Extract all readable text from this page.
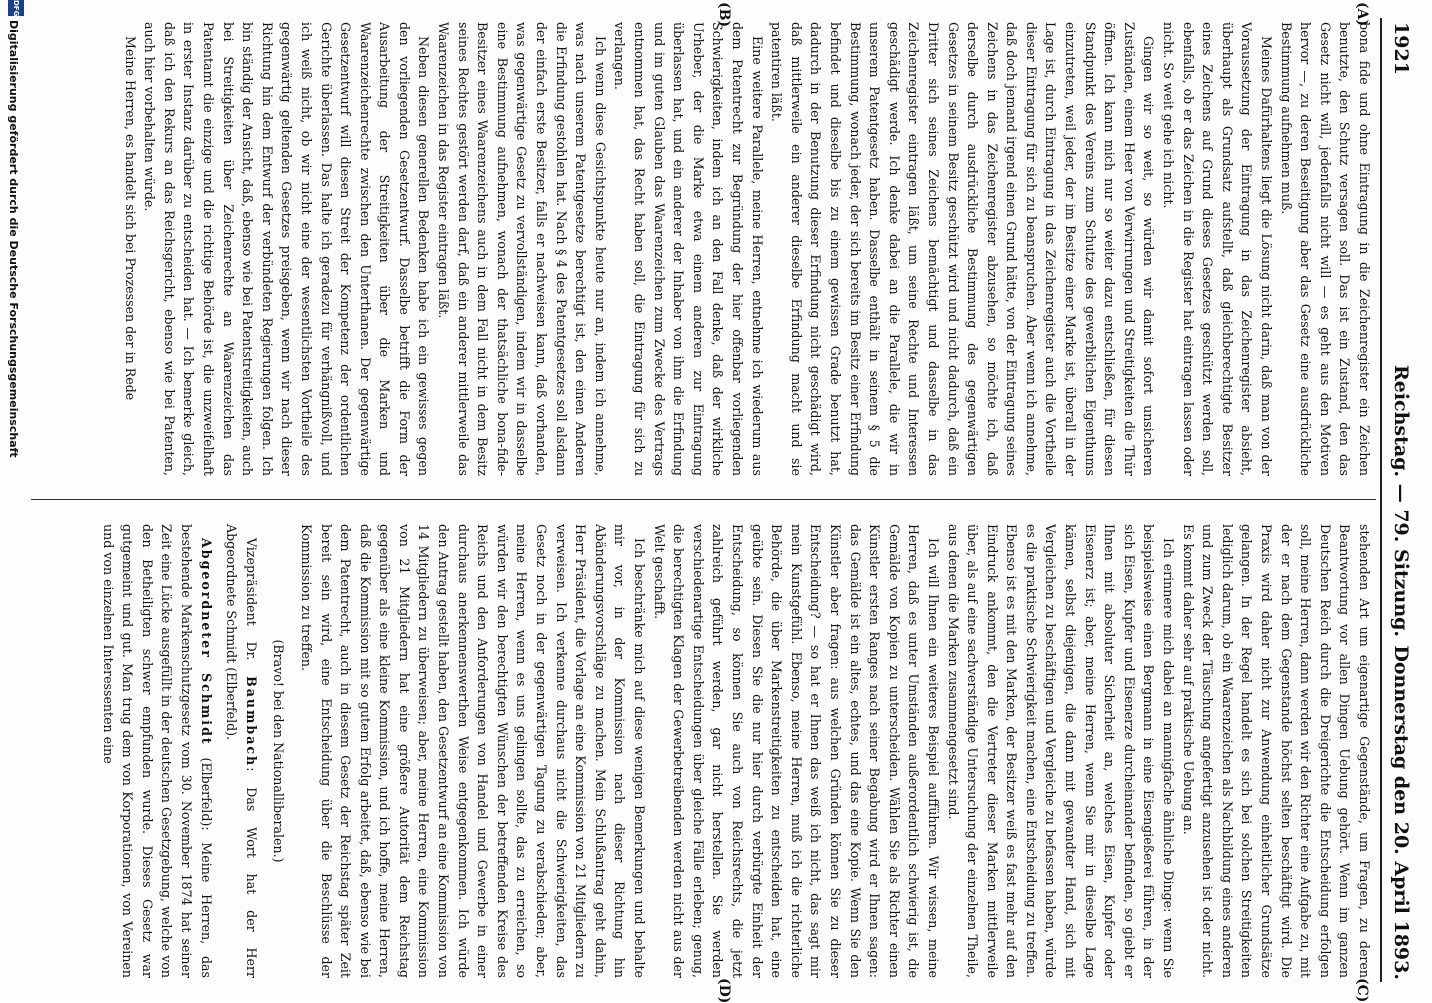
1921
Reichstag. — 79. Sitzung.
Donnerstag den 20. April 1893.
(A)
(B)
(C)
(D)

bona fide und ohne Eintragung in die Zeichenregister ein Zeichen benutzte, den Schutz versagen soll. Das ist ein Zustand, den das Gesetz nicht will, jedenfalls nicht will — es geht aus den Motiven hervor —, zu deren Beseitigung aber das Gesetz eine ausdrückliche Bestimmung aufnehmen muß.

Meines Dafürhaltens liegt die Lösung nicht darin, daß man von der Voraussetzung der Eintragung in das Zeichenregister absieht, überhaupt als Grundsatz aufstellt, daß gleichberechtigte Besitzer eines Zeichens auf Grund dieses Gesetzes geschützt werden soll, ebenfalls, ob er das Zeichen in die Register hat eintragen lassen oder nicht. So weit gehe ich nicht.

Gingen wir so weit, so würden wir damit sofort unsicheren Zuständen, einem Heer von Verwirrungen und Streitigkeiten die Thür öffnen. Ich kann mich nur so weiter dazu entschließen, für diesen Standpunkt des Vereins zum Schutze des gewerblichen Eigenthums einzutreten, weil jeder, der im Besitze einer Marke ist, überall in der Lage ist, durch Eintragung in das Zeichenregister auch die Vortheile dieser Eintragung für sich zu beanspruchen. Aber wenn ich annehme, daß doch jemand irgend einen Grund hätte, von der Eintragung seines Zeichens in das Zeichenregister abzusehen, so möchte ich, daß derselbe durch ausdrückliche Bestimmung des gegenwärtigen Gesetzes in seinem Besitz geschützt wird und nicht dadurch, daß ein Dritter sich seines Zeichens bemächtigt und dasselbe in das Zeichenregister eintragen läßt, um seine Rechte und Interessen geschädigt werde. Ich denke dabei an die Parallele, die wir in unserem Patentgesetz haben. Dasselbe enthält in seinem § 5 die Bestimmung, wonach jeder, der sich bereits im Besitz einer Erfindung befindet und dieselbe bis zu einem gewissen Grade benutzt hat, dadurch in der Benutzung dieser Erfindung nicht geschädigt wird, daß mittlerweile ein anderer dieselbe Erfindung macht und sie patentiren läßt.

Eine weitere Parallele, meine Herren, entnehme ich wiederum aus dem Patentrecht zur Begründung der hier offenbar vorliegenden Schwierigkeiten, indem ich an den Fall denke, daß der wirkliche Urheber, der die Marke etwa einem anderen zur Eintragung überlassen hat, und ein anderer der Inhaber von ihm die Erfindung und im guten Glauben das Waarenzeichen zum Zwecke des Vertrags entnommen hat, das Recht haben soll, die Eintragung für sich zu verlangen.

Ich wenn diese Gesichtspunkte heute nur an, indem ich annehme, was nach unserem Patentgesetze berechtigt ist, den einen Anderen die Erfindung gestohlen hat. Nach § 4 des Patentgesetzes soll alsdann der einfach erste Besitzer, falls er nachweisen kann, daß vorhanden, was gegenwärtige Gesetz zu vervollständigen, indem wir in dasselbe eine Bestimmung aufnehmen, wonach der thatsächliche bona-fide-Besitzer eines Waarenzeichens auch in dem Fall nicht in dem Besitz seines Rechtes gestört werden darf, daß ein anderer mittlerweile das Waarenzeichen in das Register eintragen läßt.

Neben diesen generellen Bedenken habe ich ein gewisses gegen den vorliegenden Gesetzentwurf. Dasselbe betrifft die Form der Ausarbeitung der Streitigkeiten über die Marken und Waarenzeichenrechte zwischen den Unterthanen. Der gegenwärtige Gesetzentwurf will diesen Streit der Kompetenz der ordentlichen Gerichte überlassen. Das halte ich geradezu für verhängnißvoll, und ich weiß nicht, ob wir nicht eine der wesentlichsten Vortheile des gegenwärtig geltenden Gesetzes preisgeben, wenn wir nach dieser Richtung hin dem Entwurf der verbündeten Regierungen folgen. Ich bin ständig der Ansicht, daß, ebenso wie bei Patentstreitigkeiten, auch bei Streitigkeiten über Zeichenrechte an Waarenzeichen das Patentamt die einzige und die richtige Behörde ist, die unzweifelhaft in erster Instanz darüber zu entscheiden hat. — Ich bemerke gleich, daß ich den Rekurs an das Reichsgericht, ebenso wie bei Patenten, auch hier vorbehalten würde.

Meine Herren, es handelt sich bei Prozessen der in Rede

stehenden Art um eigenartige Gegenstände, um Fragen, zu deren Beantwortung vor allen Dingen Uebung gehört. Wenn im ganzen Deutschen Reich durch die Dreigerichte die Entscheidung erfolgen soll, meine Herren, dann werden wir den Richter eine Aufgabe zu, mit der er nach dem Gegenstande höchst selten beschäftigt wird. Die Praxis wird daher nicht zur Anwendung einheitlicher Grundsätze gelangen. In der Regel handelt es sich bei solchen Streitigkeiten lediglich darum, ob ein Waarenzeichen als Nachbildung eines anderen und zum Zweck der Täuschung angefertigt anzusehen ist oder nicht. Es kommt daher sehr auf praktische Uebung an.

Ich erinnere mich dabei an mannigfache ähnliche Dinge: wenn Sie beispielsweise einen Bergmann in eine Eisengießerei führen, in der sich Eisen, Kupfer und Eisenerze durcheinander befinden, so giebt er Ihnen mit absoluter Sicherheit an, welches Eisen, Kupfer oder Eisenerz ist; aber, meine Herren, wenn Sie mir in dieselbe Lage kämen, selbst diejenigen, die dann mit gewandter Hand, sich mit Vergleichen zu beschäftigen und Vergleiche zu befassen haben, würde es die praktische Schwierigkeit machen, eine Entscheidung zu treffen. Ebenso ist es mit den Marken, der Besitzer weiß es fast mehr auf den Eindruck ankommt, den die Vertreter dieser Marken mittlerweile über, als auf eine sachverständige Untersuchung der einzelnen Theile, aus denen die Marken zusammengesetzt sind.

Ich will Ihnen ein weiteres Beispiel aufführen. Wir wissen, meine Herren, daß es unter Umständen außerordentlich schwierig ist, die Gemälde von Kopien zu unterscheiden. Wählen Sie als Richter einen Künstler ersten Ranges nach seiner Begabung wird er Ihnen sagen: das Gemälde ist ein altes, echtes, und das eine Kopie. Wenn Sie den Künstler aber fragen: aus welchen Gründen können Sie zu dieser Entscheidung? — so hat er Ihnen das weiß ich nicht, das sagt mir mein Kunstgefühl. Ebenso, meine Herren, muß ich die richterliche Behörde, die über Markenstreitigkeiten zu entscheiden hat, eine geübte sein. Diesen Sie die nur hier durch verbürgte Einheit der Entscheidung, so können Sie auch von Reichsrechts, die jetzt zahlreich geführt werden, gar nicht herstellen. Sie werden verschiedenartige Entscheidungen über gleiche Fälle erleben; genug, die berechtigten Klagen der Gewerbetreibenden werden nicht aus der Welt geschafft.

Ich beschränke mich auf diese wenigen Bemerkungen und behalte mir vor, in der Kommission nach dieser Richtung hin Abänderungsvorschläge zu machen. Mein Schlußantrag geht dahin, Herr Präsident, die Vorlage an eine Kommission von 21 Mitgliedern zu verweisen. Ich verkenne durchaus nicht die Schwierigkeiten, das Gesetz noch in der gegenwärtigen Tagung zu verabschieden; aber, meine Herren, wenn es uns gelingen sollte, das zu erreichen, so würden wir den berechtigten Wünschen der betreffenden Kreise des Reichs und den Anforderungen von Handel und Gewerbe in einer durchaus anerkennenswerthen Weise entgegenkommen. Ich würde den Antrag gestellt haben, den Gesetzentwurf an eine Kommission von 14 Mitgliedern zu überweisen; aber, meine Herren, eine Kommission von 21 Mitgliedern hat eine größere Autorität dem Reichstag gegenüber als eine kleine Kommission, und ich hoffe, meine Herren, daß die Kommission mit so gutem Erfolg arbeitet, daß, ebenso wie bei dem Patentrecht, auch in diesem Gesetz der Reichstag später Zeit bereit sein wird, eine Entscheidung über die Beschlüsse der Kommission zu treffen.

(Bravo! bei den Nationalliberalen.)

Vizepräsident Dr. Baumbach: Das Wort hat der Herr Abgeordnete Schmidt (Elberfeld).

Abgeordneter Schmidt (Elberfeld): Meine Herren, das bestehende Markenschutzgesetz vom 30. November 1874 hat seiner Zeit eine Lücke ausgefüllt in der deutschen Gesetzgebung, welche von den Betheiligten schwer empfunden wurde. Dieses Gesetz war gutgemeint und gut. Man trug dem von Korporationen, von Vereinen und von einzelnen Interessenten eine

DFG
Digitalisierung gefördert durch die Deutsche Forschungsgemeinschaft
